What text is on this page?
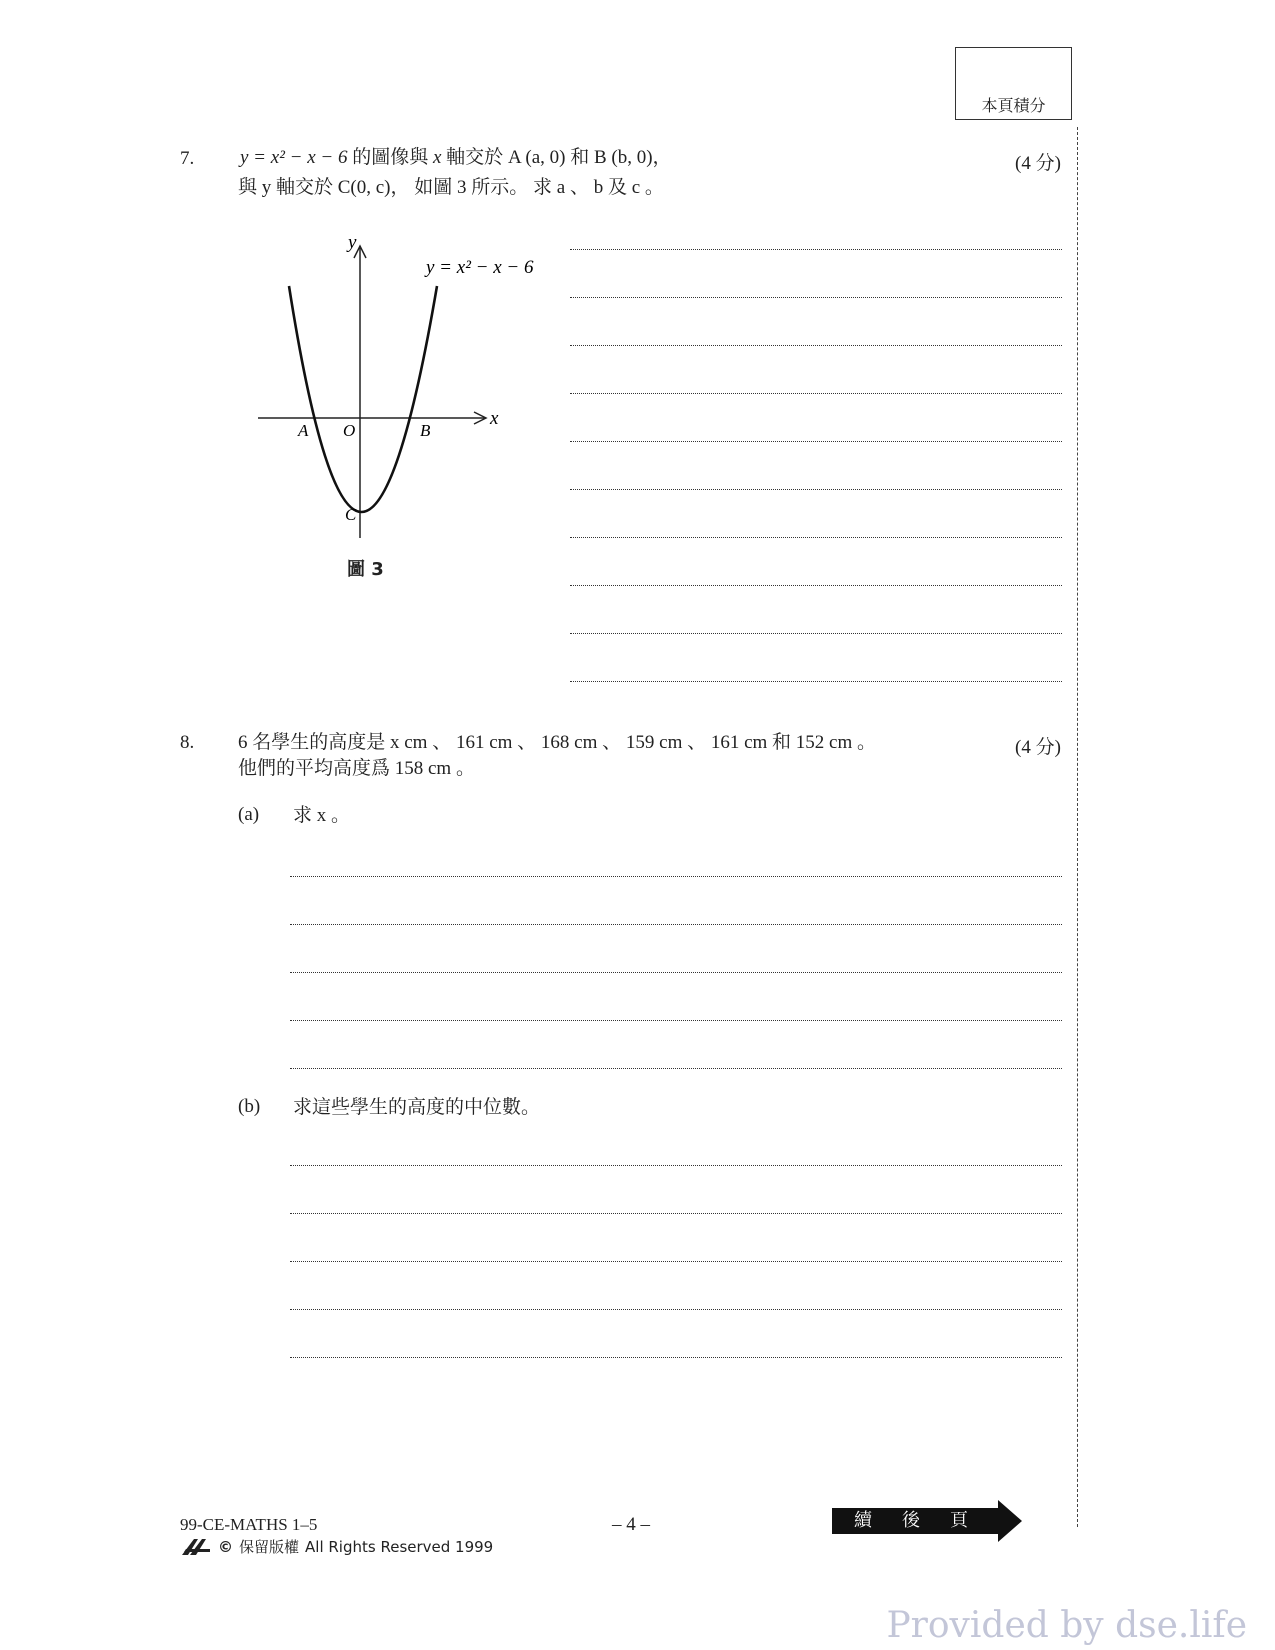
本頁積分
7. y = x² − x − 6 的圖像與 x 軸交於 A (a, 0) 和 B (b, 0)，
與 y 軸交於 C(0, c)， 如圖 3 所示。 求 a 、 b 及 c 。
(4 分)
y
x
y = x² − x − 6
A O	B
C
圖 3
8. 6 名學生的高度是 x cm 、 161 cm 、 168 cm 、 159 cm 、 161 cm 和 152 cm 。
他們的平均高度爲 158 cm 。
(4 分)
(a) 求 x 。
(b) 求這些學生的高度的中位數。
99-CE-MATHS 1–5
© 保留版權 All Rights Reserved 1999
– 4 –	續後頁
Provided by dse.life
